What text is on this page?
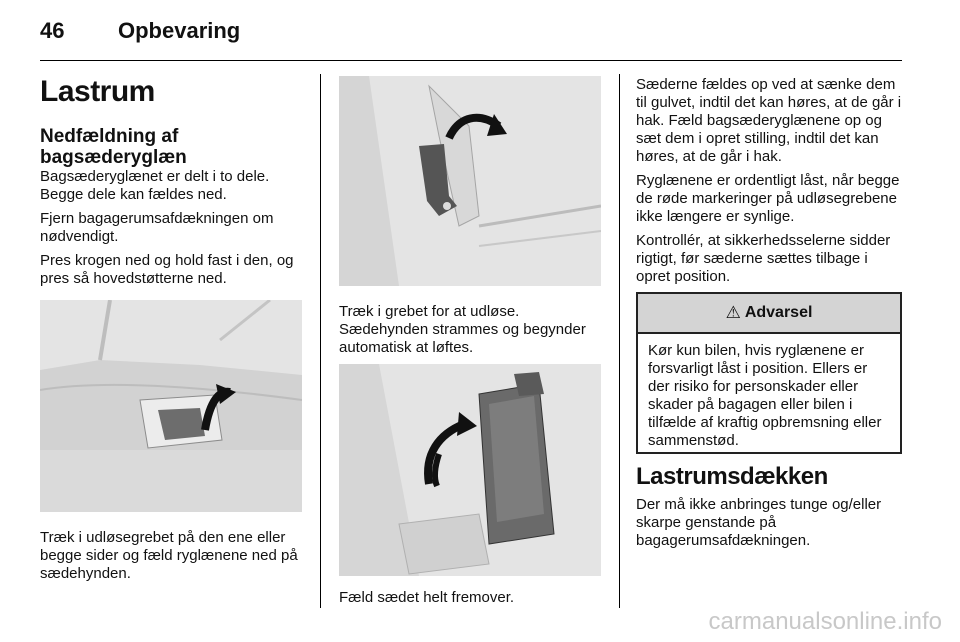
46 Opbevaring
Lastrum
Nedfældning af
bagsæderyglæn

Bagsæderyglænet er delt i to dele. Begge dele kan fældes ned.

Fjern bagagerumsafdækningen om nødvendigt.

Pres krogen ned og hold fast i den, og pres så hovedstøtterne ned.

Træk i udløsegrebet på den ene eller begge sider og fæld ryglænene ned på sædehynden.

Træk i grebet for at udløse. Sædehynden strammes og begynder automatisk at løftes.

Fæld sædet helt fremover.

Sæderne fældes op ved at sænke dem til gulvet, indtil det kan høres, at de går i hak. Fæld bagsæderyglænene op og sæt dem i opret stilling, indtil det kan høres, at de går i hak.

Ryglænene er ordentligt låst, når begge de røde markeringer på udløsegrebene ikke længere er synlige.

Kontrollér, at sikkerhedsselerne sidder rigtigt, før sæderne sættes tilbage i opret position.

⚠ Advarsel

Kør kun bilen, hvis ryglænene er forsvarligt låst i position. Ellers er der risiko for personskader eller skader på bagagen eller bilen i tilfælde af kraftig opbremsning eller sammenstød.

Lastrumsdækken

Der må ikke anbringes tunge og/eller skarpe genstande på bagagerumsafdækningen.

carmanualsonline.info
